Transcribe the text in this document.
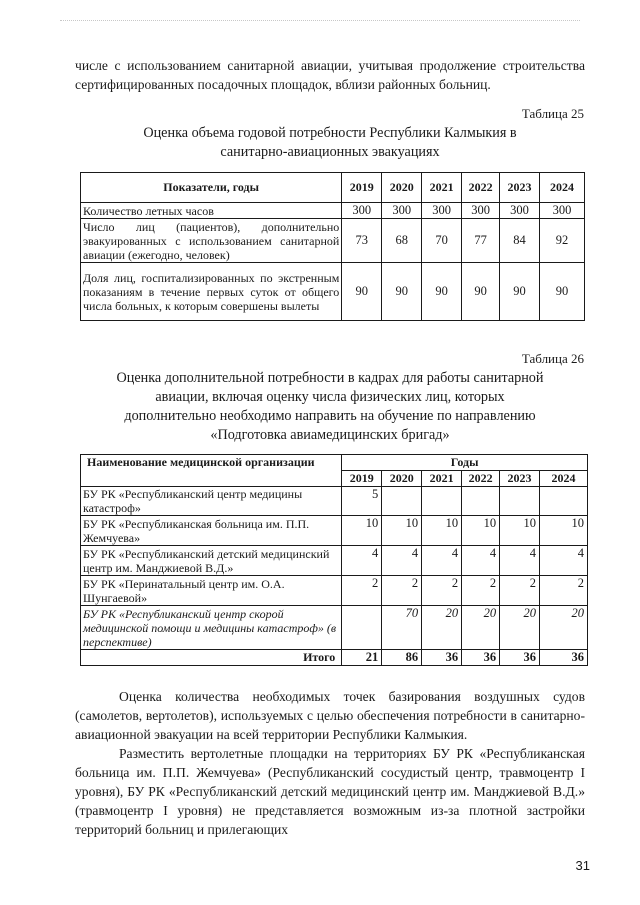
числе с использованием санитарной авиации, учитывая продолжение строительства сертифицированных посадочных площадок, вблизи районных больниц.

Таблица 25

Оценка объема годовой потребности Республики Калмыкия в

санитарно-авиационных эвакуациях

Показатели, годы	2019	2020	2021	2022	2023	2024
Количество летных часов	300	300	300	300	300	300
Число лиц (пациентов), дополнительно эвакуированных с использованием санитарной авиации (ежегодно, человек)	73	68	70	77	84	92
Доля лиц, госпитализированных по экстренным показаниям в течение первых суток от общего числа больных, к которым совершены вылеты	90	90	90	90	90	90
Таблица 26

Оценка дополнительной потребности в кадрах для работы санитарной

авиации, включая оценку числа физических лиц, которых

дополнительно необходимо направить на обучение по направлению

«Подготовка авиамедицинских бригад»

Наименование медицинской организации	Годы					
	2019	2020	2021	2022	2023	2024
БУ РК «Республиканский центр медицины катастроф»	5					
БУ РК «Республиканская больница им. П.П. Жемчуева»	10	10	10	10	10	10
БУ РК «Республиканский детский медицинский центр им. Манджиевой В.Д.»	4	4	4	4	4	4
БУ РК «Перинатальный центр им. О.А. Шунгаевой»	2	2	2	2	2	2
БУ РК «Республиканский центр скорой медицинской помощи и медицины катастроф» (в перспективе)		70	20	20	20	20
Итого	21	86	36	36	36	36

Оценка количества необходимых точек базирования воздушных судов (самолетов, вертолетов), используемых с целью обеспечения потребности в санитарно-авиационной эвакуации на всей территории Республики Калмыкия.

Разместить вертолетные площадки на территориях БУ РК «Республиканская больница им. П.П. Жемчуева» (Республиканский сосудистый центр, травмоцентр I уровня), БУ РК «Республиканский детский медицинский центр им. Манджиевой В.Д.» (травмоцентр I уровня) не представляется возможным из-за плотной застройки территорий больниц и прилегающих

31
